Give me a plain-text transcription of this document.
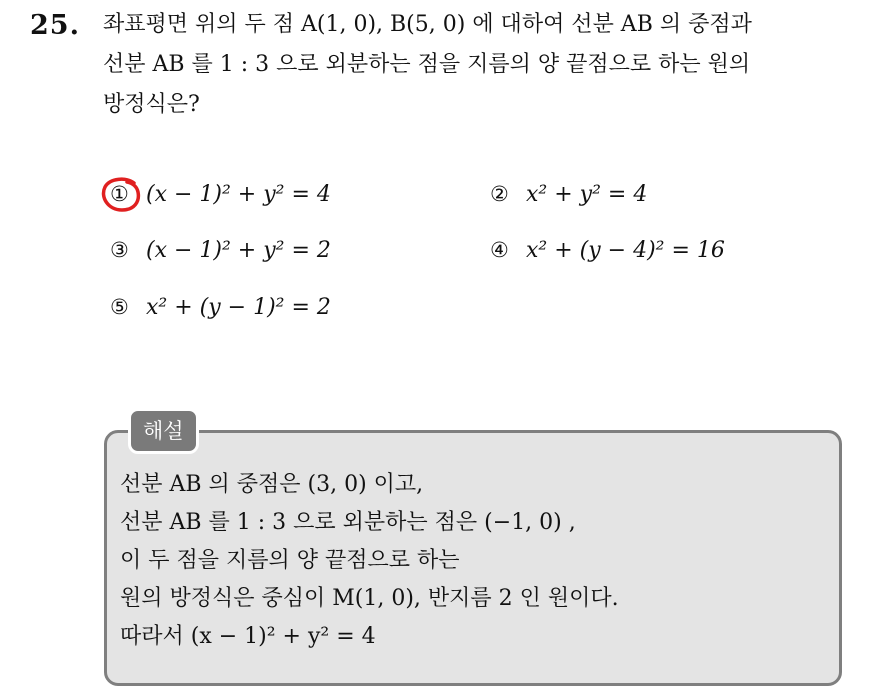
25. 좌표평면 위의 두 점 A(1, 0), B(5, 0) 에 대하여 선분 AB 의 중점과
선분 AB 를 1 : 3 으로 외분하는 점을 지름의 양 끝점으로 하는 원의
방정식은?
① (x − 1)² + y² = 4	② x² + y² = 4
③ (x − 1)² + y² = 2	④ x² + (y − 4)² = 16
⑤ x² + (y − 1)² = 2
해설
선분 AB 의 중점은 (3, 0) 이고,
선분 AB 를 1 : 3 으로 외분하는 점은 (−1, 0) ,
이 두 점을 지름의 양 끝점으로 하는
원의 방정식은 중심이 M(1, 0), 반지름 2 인 원이다.
따라서 (x − 1)² + y² = 4
